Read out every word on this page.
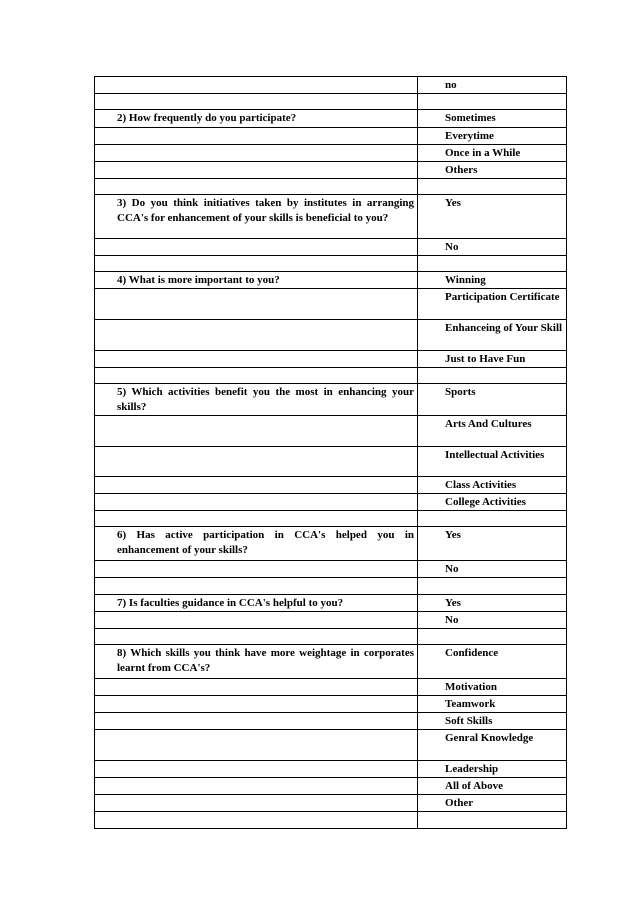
	no

2) How frequently do you participate?	Sometimes
	Everytime
	Once in a While
	Others

3) Do you think initiatives taken by institutes in arranging CCA's for enhancement of your skills is beneficial to you?	Yes
	No

4) What is more important to you?	Winning
	Participation Certificate
	Enhanceing of Your Skill
	Just to Have Fun

5) Which activities benefit you the most in enhancing your skills?	Sports
	Arts And Cultures
	Intellectual Activities
	Class Activities
	College Activities

6) Has active participation in CCA's helped you in enhancement of your skills?	Yes
	No

7) Is faculties guidance in CCA's helpful to you?	Yes
	No

8) Which skills you think have more weightage in corporates learnt from CCA's?	Confidence
	Motivation
	Teamwork
	Soft Skills
	Genral Knowledge
	Leadership
	All of Above
	Other
